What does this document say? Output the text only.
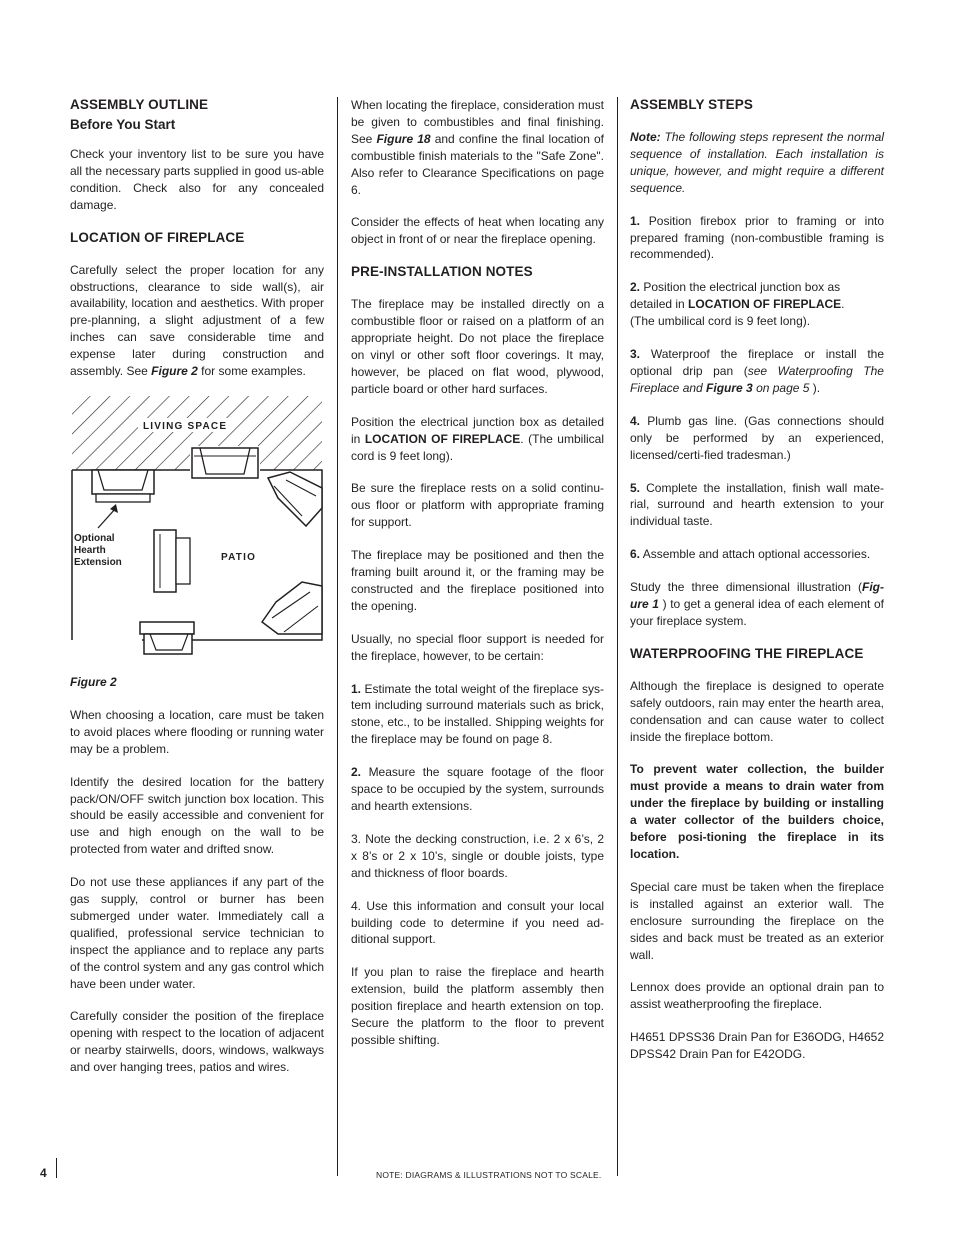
ASSEMBLY OUTLINE
Before You Start

Check your inventory list to be sure you have all the necessary parts supplied in good us-able condition. Check also for any concealed damage.

LOCATION OF FIREPLACE

Carefully select the proper location for any obstructions, clearance to side wall(s), air availability, location and aesthetics. With proper pre-planning, a slight adjustment of a few inches can save considerable time and expense later during construction and assembly. See Figure 2 for some examples.

LIVING SPACE
Optional
Hearth
Extension	PATIO

Figure 2

When choosing a location, care must be taken to avoid places where flooding or running water may be a problem.

Identify the desired location for the battery pack/ON/OFF switch junction box location. This should be easily accessible and convenient for use and high enough on the wall to be protected from water and drifted snow.

Do not use these appliances if any part of the gas supply, control or burner has been submerged under water. Immediately call a qualified, professional service technician to inspect the appliance and to replace any parts of the control system and any gas control which have been under water.

Carefully consider the position of the fireplace opening with respect to the location of adjacent or nearby stairwells, doors, windows, walkways and over hanging trees, patios and wires.

When locating the fireplace, consideration must be given to combustibles and final finishing. See Figure 18 and confine the final location of combustible finish materials to the "Safe Zone". Also refer to Clearance Specifications on page 6.

Consider the effects of heat when locating any object in front of or near the fireplace opening.

PRE-INSTALLATION NOTES

The fireplace may be installed directly on a combustible floor or raised on a platform of an appropriate height. Do not place the fireplace on vinyl or other soft floor coverings. It may, however, be placed on flat wood, plywood, particle board or other hard surfaces.

Position the electrical junction box as detailed in LOCATION OF FIREPLACE. (The umbilical cord is 9 feet long).

Be sure the fireplace rests on a solid continu-ous floor or platform with appropriate framing for support.

The fireplace may be positioned and then the framing built around it, or the framing may be constructed and the fireplace positioned into the opening.

Usually, no special floor support is needed for the fireplace, however, to be certain:

1. Estimate the total weight of the fireplace sys-tem including surround materials such as brick, stone, etc., to be installed. Shipping weights for the fireplace may be found on page 8.

2. Measure the square footage of the floor space to be occupied by the system, surrounds and hearth extensions.

3. Note the decking construction, i.e. 2 x 6’s, 2 x 8’s or 2 x 10’s, single or double joists, type and thickness of floor boards.

4. Use this information and consult your local building code to determine if you need ad-ditional support.

If you plan to raise the fireplace and hearth extension, build the platform assembly then position fireplace and hearth extension on top. Secure the platform to the floor to prevent possible shifting.

ASSEMBLY STEPS

Note: The following steps represent the normal sequence of installation. Each installation is unique, however, and might require a different sequence.

1. Position firebox prior to framing or into prepared framing (non-combustible framing is recommended).

2. Position the electrical junction box as detailed in LOCATION OF FIREPLACE.
(The umbilical cord is 9 feet long).

3. Waterproof the fireplace or install the optional drip pan (see Waterproofing The Fireplace and Figure 3 on page 5 ).

4. Plumb gas line. (Gas connections should only be performed by an experienced, licensed/certi-fied tradesman.)

5. Complete the installation, finish wall mate-rial, surround and hearth extension to your individual taste.

6. Assemble and attach optional accessories.

Study the three dimensional illustration (Fig-ure 1 ) to get a general idea of each element of your fireplace system.

WATERPROOFING THE FIREPLACE

Although the fireplace is designed to operate safely outdoors, rain may enter the hearth area, condensation and can cause water to collect inside the fireplace bottom.

To prevent water collection, the builder must provide a means to drain water from under the fireplace by building or installing a water collector of the builders choice, before posi-tioning the fireplace in its location.

Special care must be taken when the fireplace is installed against an exterior wall. The enclosure surrounding the fireplace on the sides and back must be treated as an exterior wall.

Lennox does provide an optional drain pan to assist weatherproofing the fireplace.

H4651 DPSS36 Drain Pan for E36ODG, H4652 DPSS42 Drain Pan for E42ODG.

4	NOTE: DIAGRAMS & ILLUSTRATIONS NOT TO SCALE.
